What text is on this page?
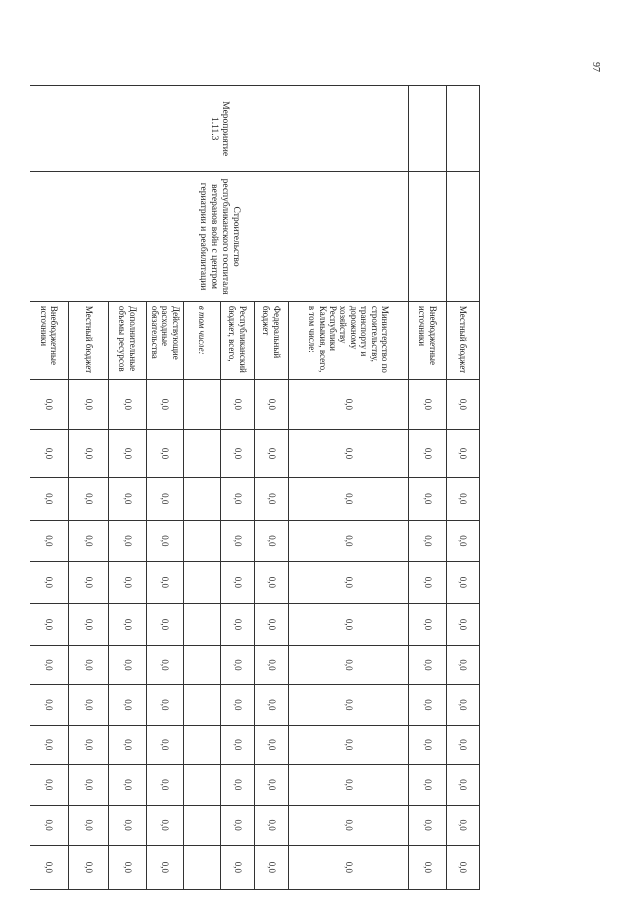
97
		Местный бюджет	0,0	0,0	0,0	0,0	0,0	0,0	0,0	0,0	0,0	0,0	0,0	0,0
		Внебюджетные источники	0,0	0,0	0,0	0,0	0,0	0,0	0,0	0,0	0,0	0,0	0,0	0,0
Мероприятие 1.11.3	Строительство республиканского госпиталя ветеранов войн с центром гериатрии и реабилитации	Министерство по строительству, транспорту и дорожному хозяйству Республики Калмыкия, всего, в том числе:	0,0	0,0	0,0	0,0	0,0	0,0	0,0	0,0	0,0	0,0	0,0	0,0
		Федеральный бюджет	0,0	0,0	0,0	0,0	0,0	0,0	0,0	0,0	0,0	0,0	0,0	0,0
		Республиканский бюджет, всего,	0,0	0,0	0,0	0,0	0,0	0,0	0,0	0,0	0,0	0,0	0,0	0,0
		в том числе:												
		Действующие расходные обязательства	0,0	0,0	0,0	0,0	0,0	0,0	0,0	0,0	0,0	0,0	0,0	0,0
		Дополнительные объемы ресурсов	0,0	0,0	0,0	0,0	0,0	0,0	0,0	0,0	0,0	0,0	0,0	0,0
		Местный бюджет	0,0	0,0	0,0	0,0	0,0	0,0	0,0	0,0	0,0	0,0	0,0	0,0
		Внебюджетные источники	0,0	0,0	0,0	0,0	0,0	0,0	0,0	0,0	0,0	0,0	0,0	0,0
